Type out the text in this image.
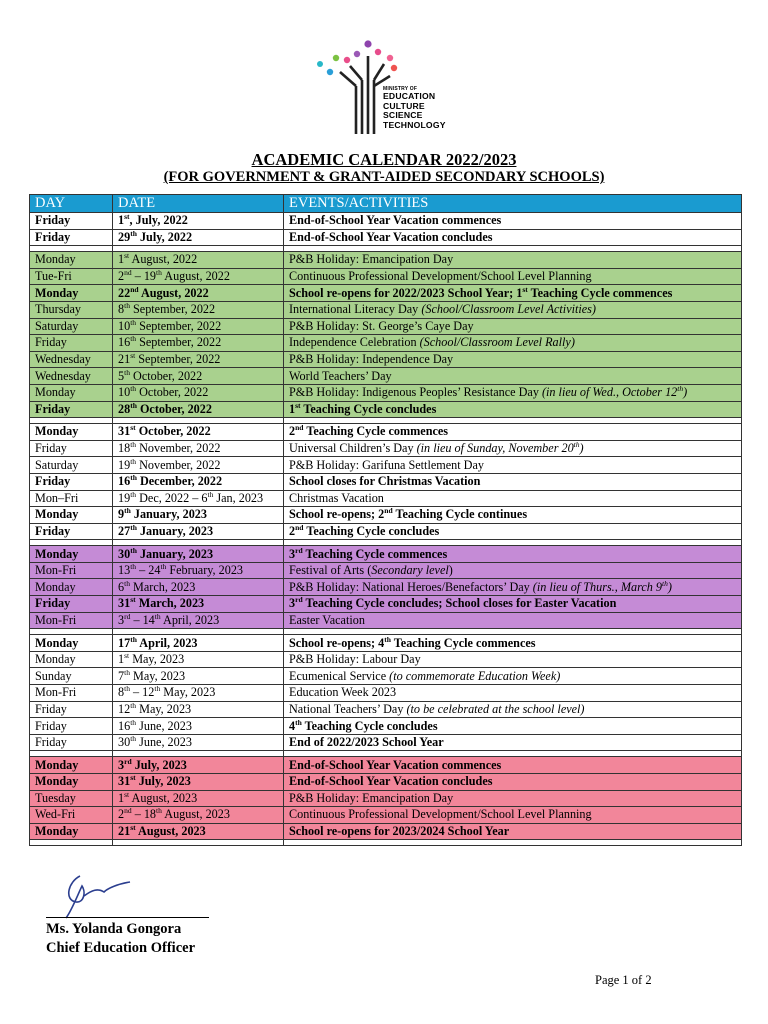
MINISTRY OF
EDUCATION
CULTURE
SCIENCE
TECHNOLOGY
ACADEMIC CALENDAR 2022/2023
(FOR GOVERNMENT & GRANT-AIDED SECONDARY SCHOOLS)
DAY	DATE	EVENTS/ACTIVITIES
Friday	1st, July, 2022	End-of-School Year Vacation commences
Friday	29th July, 2022	End-of-School Year Vacation concludes

Monday	1st August, 2022	P&B Holiday: Emancipation Day
Tue-Fri	2nd – 19th August, 2022	Continuous Professional Development/School Level Planning
Monday	22nd August, 2022	School re-opens for 2022/2023 School Year; 1st Teaching Cycle commences
Thursday	8th September, 2022	International Literacy Day (School/Classroom Level Activities)
Saturday	10th September, 2022	P&B Holiday: St. George’s Caye Day
Friday	16th September, 2022	Independence Celebration (School/Classroom Level Rally)
Wednesday	21st September, 2022	P&B Holiday: Independence Day
Wednesday	5th October, 2022	World Teachers’ Day
Monday	10th October, 2022	P&B Holiday: Indigenous Peoples’ Resistance Day (in lieu of Wed., October 12th)
Friday	28th October, 2022	1st Teaching Cycle concludes

Monday	31st October, 2022	2nd Teaching Cycle commences
Friday	18th November, 2022	Universal Children’s Day (in lieu of Sunday, November 20th)
Saturday	19th November, 2022	P&B Holiday: Garifuna Settlement Day
Friday	16th December, 2022	School closes for Christmas Vacation
Mon–Fri	19th Dec, 2022 – 6th Jan, 2023	Christmas Vacation
Monday	9th January, 2023	School re-opens; 2nd Teaching Cycle continues
Friday	27th January, 2023	2nd Teaching Cycle concludes

Monday	30th January, 2023	3rd Teaching Cycle commences
Mon-Fri	13th – 24th February, 2023	Festival of Arts (Secondary level)
Monday	6th March, 2023	P&B Holiday: National Heroes/Benefactors’ Day (in lieu of Thurs., March 9th)
Friday	31st March, 2023	3rd Teaching Cycle concludes; School closes for Easter Vacation
Mon-Fri	3rd – 14th April, 2023	Easter Vacation

Monday	17th April, 2023	School re-opens; 4th Teaching Cycle commences
Monday	1st May, 2023	P&B Holiday: Labour Day
Sunday	7th May, 2023	Ecumenical Service (to commemorate Education Week)
Mon-Fri	8th – 12th May, 2023	Education Week 2023
Friday	12th May, 2023	National Teachers’ Day (to be celebrated at the school level)
Friday	16th June, 2023	4th Teaching Cycle concludes
Friday	30th June, 2023	End of 2022/2023 School Year

Monday	3rd July, 2023	End-of-School Year Vacation commences
Monday	31st July, 2023	End-of-School Year Vacation concludes
Tuesday	1st August, 2023	P&B Holiday: Emancipation Day
Wed-Fri	2nd – 18th August, 2023	Continuous Professional Development/School Level Planning
Monday	21st August, 2023	School re-opens for 2023/2024 School Year

Ms. Yolanda Gongora
Chief Education Officer
Page 1 of 2
